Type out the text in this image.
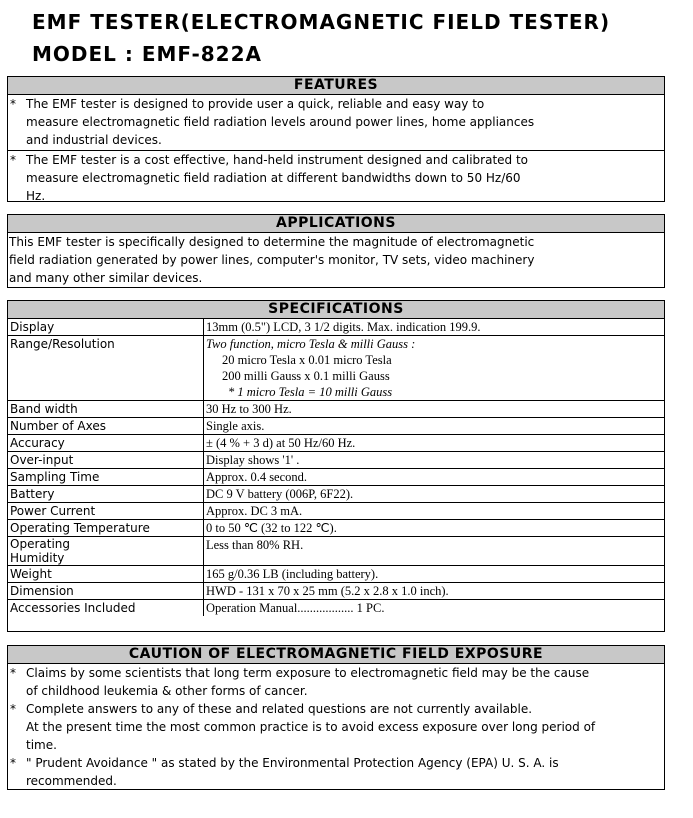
EMF TESTER(ELECTROMAGNETIC FIELD TESTER)
MODEL : EMF-822A
FEATURES
* The EMF tester is designed to provide user a quick, reliable and easy way to
measure electromagnetic field radiation levels around power lines, home appliances
and industrial devices.
* The EMF tester is a cost effective, hand-held instrument designed and calibrated to
measure electromagnetic field radiation at different bandwidths down to 50 Hz/60
Hz.
APPLICATIONS
This EMF tester is specifically designed to determine the magnitude of electromagnetic
field radiation generated by power lines, computer's monitor, TV sets, video machinery
and many other similar devices.
SPECIFICATIONS
Display	13mm (0.5") LCD, 3 1/2 digits. Max. indication 199.9.
Range/Resolution	Two function, micro Tesla & milli Gauss :
20 micro Tesla x 0.01 micro Tesla
200 milli Gauss x 0.1 milli Gauss
* 1 micro Tesla = 10 milli Gauss

Band width	30 Hz to 300 Hz.
Number of Axes	Single axis.
Accuracy	± (4 % + 3 d) at 50 Hz/60 Hz.
Over-input	Display shows '1' .
Sampling Time	Approx. 0.4 second.
Battery	DC 9 V battery (006P, 6F22).
Power Current	Approx. DC 3 mA.
Operating Temperature	0 to 50 ℃ (32 to 122 ℃).

Operating
Humidity	Less than 80% RH.
Weight	165 g/0.36 LB (including battery).
Dimension	HWD - 131 x 70 x 25 mm (5.2 x 2.8 x 1.0 inch).
Accessories Included	Operation Manual.................. 1 PC.
CAUTION OF ELECTROMAGNETIC FIELD EXPOSURE
* Claims by some scientists that long term exposure to electromagnetic field may be the cause
of childhood leukemia & other forms of cancer.
* Complete answers to any of these and related questions are not currently available.
At the present time the most common practice is to avoid excess exposure over long period of
time.
* " Prudent Avoidance " as stated by the Environmental Protection Agency (EPA) U. S. A. is
recommended.
